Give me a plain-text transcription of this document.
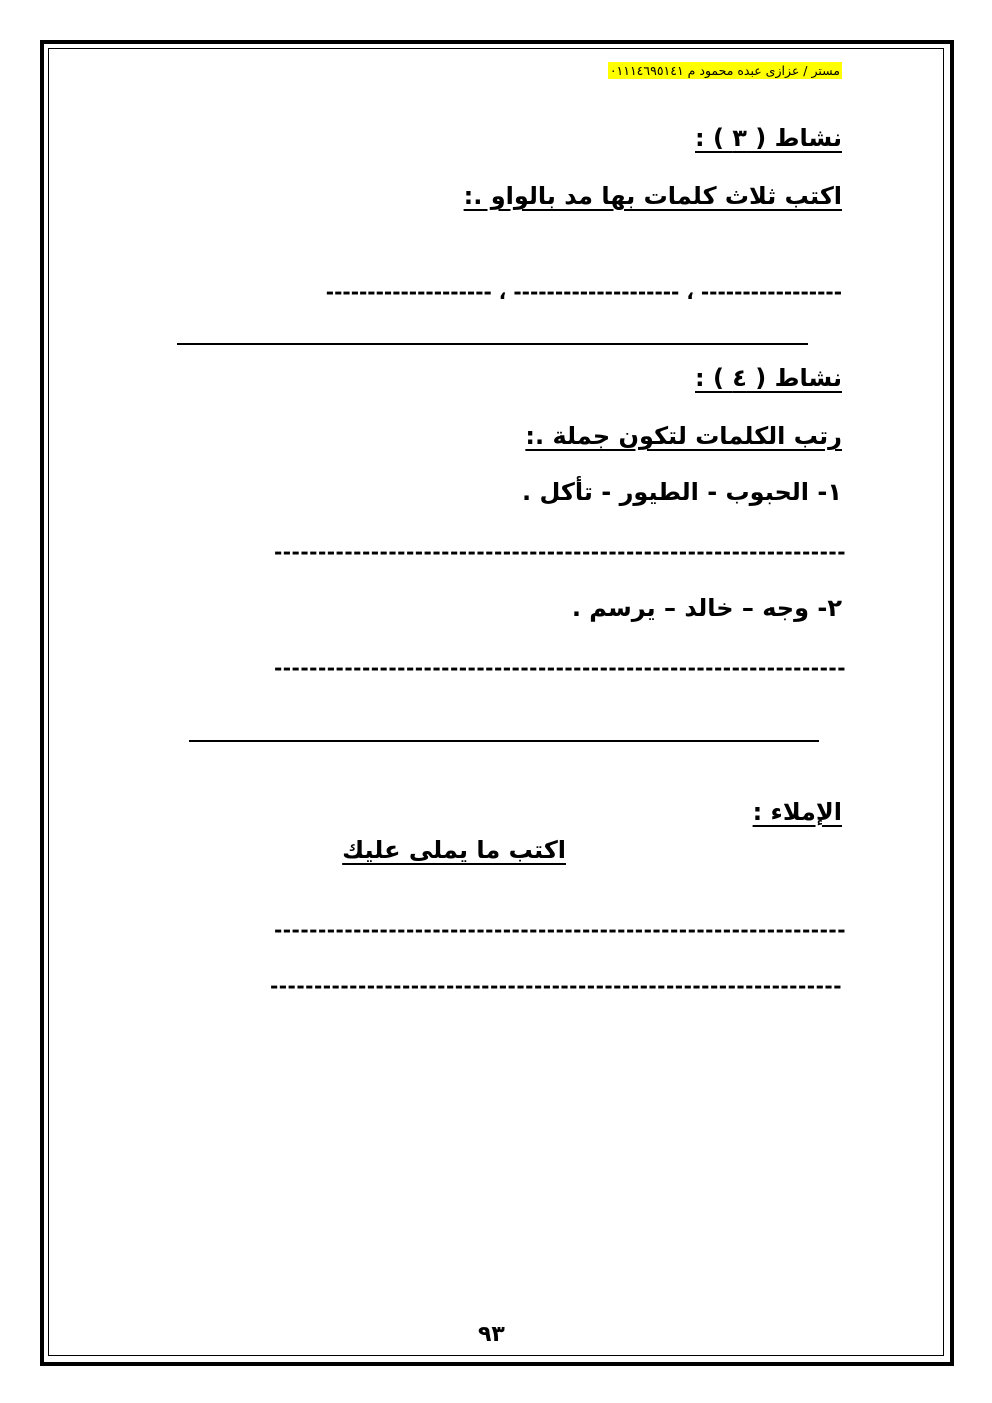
مستر / عزازى عبده محمود م ٠١١١٤٦٩٥١٤١
نشاط ( ٣ ) :
اكتب ثلاث كلمات بها مد بالواو .:
----------------- ، -------------------- ، --------------------
نشاط ( ٤ ) :
رتب الكلمات لتكون جملة .:
١- الحبوب - الطيور - تأكل .
-----------------------------------------------------------------
٢- وجه – خالد – يرسم .
-----------------------------------------------------------------
الإملاء :
اكتب ما يملى عليك
-----------------------------------------------------------------
-----------------------------------------------------------------
٩٣
